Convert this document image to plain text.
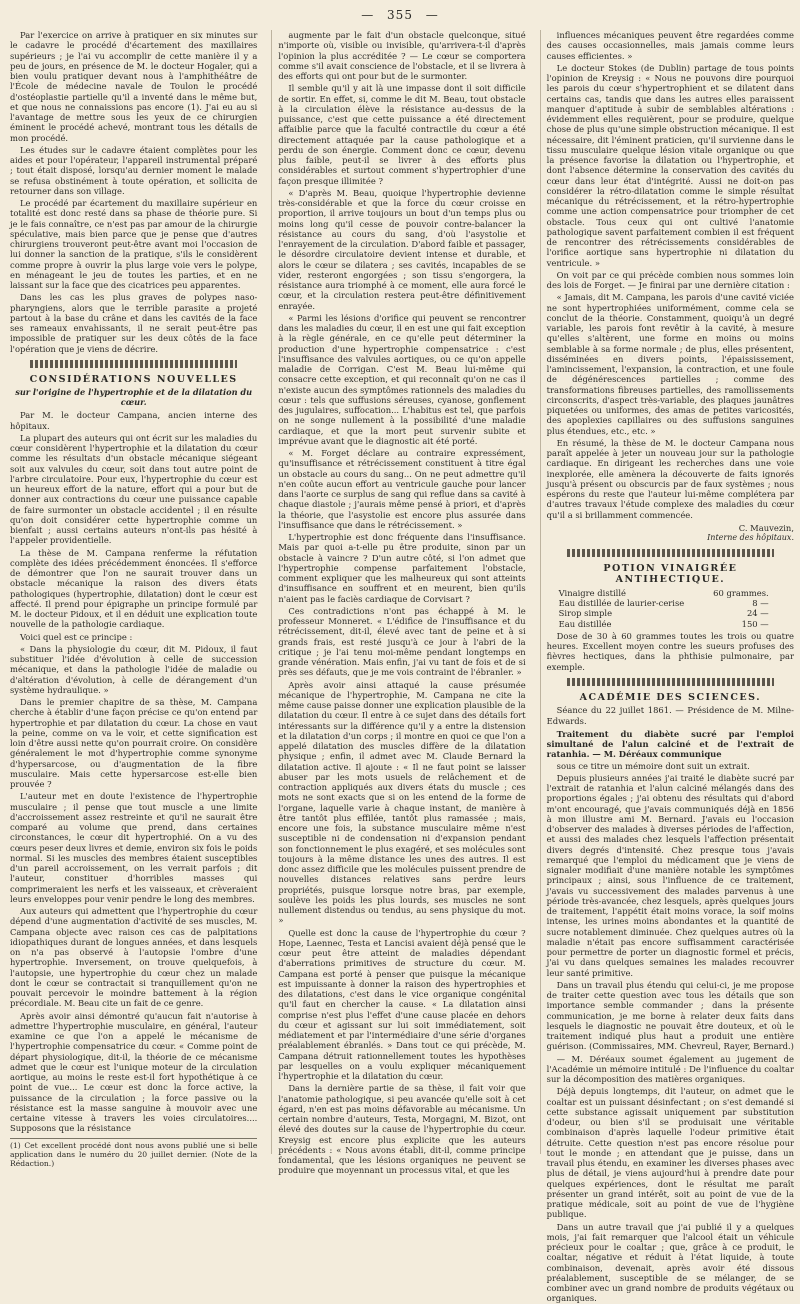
— 355 —

Par l'exercice on arrive à pratiquer en six minutes sur le cadavre le procédé d'écartement des maxillaires supérieurs ; je l'ai vu accomplir de cette manière il y a peu de jours, en présence de M. le docteur Hogaler, qui a bien voulu pratiquer devant nous à l'amphithéâtre de l'École de médecine navale de Toulon le procédé d'ostéoplastie partielle qu'il a inventé dans le même but, et que nous ne connaissions pas encore (1). J'ai eu au si l'avantage de mettre sous les yeux de ce chirurgien éminent le procédé achevé, montrant tous les détails de mon procédé.

Les études sur le cadavre étaient complètes pour les aides et pour l'opérateur, l'appareil instrumental préparé ; tout était disposé, lorsqu'au dernier moment le malade se refusa obstinément à toute opération, et sollicita de retourner dans son village.

Le procédé par écartement du maxillaire supérieur en totalité est donc resté dans sa phase de théorie pure. Si je le fais connaître, ce n'est pas par amour de la chirurgie spéculative, mais bien parce que je pense que d'autres chirurgiens trouveront peut-être avant moi l'occasion de lui donner la sanction de la pratique, s'ils le considèrent comme propre à ouvrir la plus large voie vers le polype, en ménageant le jeu de toutes les parties, et en ne laissant sur la face que des cicatrices peu apparentes.

Dans les cas les plus graves de polypes naso-pharyngiens, alors que le terrible parasite a projeté partout à la base du crâne et dans les cavités de la face ses rameaux envahissants, il ne serait peut-être pas impossible de pratiquer sur les deux côtés de la face l'opération que je viens de décrire.

CONSIDÉRATIONS NOUVELLES
sur l'origine de l'hypertrophie et de la dilatation du cœur.

Par M. le docteur Campana, ancien interne des hôpitaux.

La plupart des auteurs qui ont écrit sur les maladies du cœur considèrent l'hypertrophie et la dilatation du cœur comme les résultats d'un obstacle mécanique siégeant soit aux valvules du cœur, soit dans tout autre point de l'arbre circulatoire. Pour eux, l'hypertrophie du cœur est un heureux effort de la nature, effort qui a pour but de donner aux contractions du cœur une puissance capable de faire surmonter un obstacle accidentel ; il en résulte qu'on doit considérer cette hypertrophie comme un bienfait ; aussi certains auteurs n'ont-ils pas hésité à l'appeler providentielle.

La thèse de M. Campana renferme la réfutation complète des idées précédemment énoncées. Il s'efforce de démontrer que l'on ne saurait trouver dans un obstacle mécanique la raison des divers états pathologiques (hypertrophie, dilatation) dont le cœur est affecté. Il prend pour épigraphe un principe formulé par M. le docteur Pidoux, et il en déduit une explication toute nouvelle de la pathologie cardiaque.

Voici quel est ce principe :

« Dans la physiologie du cœur, dit M. Pidoux, il faut substituer l'idée d'évolution à celle de succession mécanique, et dans la pathologie l'idée de maladie ou d'altération d'évolution, à celle de dérangement d'un système hydraulique. »

Dans le premier chapitre de sa thèse, M. Campana cherche à établir d'une façon précise ce qu'on entend par hypertrophie et par dilatation du cœur. La chose en vaut la peine, comme on va le voir, et cette signification est loin d'être aussi nette qu'on pourrait croire. On considère généralement le mot d'hypertrophie comme synonyme d'hypersarcose, ou d'augmentation de la fibre musculaire. Mais cette hypersarcose est-elle bien prouvée ?

L'auteur met en doute l'existence de l'hypertrophie musculaire ; il pense que tout muscle a une limite d'accroissement assez restreinte et qu'il ne saurait être comparé au volume que prend, dans certaines circonstances, le cœur dit hypertrophié. On a vu des cœurs peser deux livres et demie, environ six fois le poids normal. Si les muscles des membres étaient susceptibles d'un pareil accroissement, on les verrait parfois ; dit l'auteur, constituer d'horribles masses qui comprimeraient les nerfs et les vaisseaux, et crèveraient leurs enveloppes pour venir pendre le long des membres.

Aux auteurs qui admettent que l'hypertrophie du cœur dépend d'une augmentation d'activité de ses muscles, M. Campana objecte avec raison ces cas de palpitations idiopathiques durant de longues années, et dans lesquels on n'a pas observé à l'autopsie l'ombre d'une hypertrophie. Inversement, on trouve quelquefois, à l'autopsie, une hypertrophie du cœur chez un malade dont le cœur se contractait si tranquillement qu'on ne pouvait percevoir le moindre battement à la région précordiale. M. Beau cite un fait de ce genre.

Après avoir ainsi démontré qu'aucun fait n'autorise à admettre l'hypertrophie musculaire, en général, l'auteur examine ce que l'on a appelé le mécanisme de l'hypertrophie compensatrice du cœur. « Comme point de départ physiologique, dit-il, la théorie de ce mécanisme admet que le cœur est l'unique moteur de la circulation aortique, au moins le reste est-il fort hypothétique à ce point de vue... Le cœur est donc la force active, la puissance de la circulation ; la force passive ou la résistance est la masse sanguine à mouvoir avec une certaine vitesse à travers les voies circulatoires.... Supposons que la résistance

(1) Cet excellent procédé dont nous avons publié une si belle application dans le numéro du 20 juillet dernier. (Note de la Rédaction.)

augmente par le fait d'un obstacle quelconque, situé n'importe où, visible ou invisible, qu'arrivera-t-il d'après l'opinion la plus accréditée ? — Le cœur se comportera comme s'il avait conscience de l'obstacle, et il se livrera à des efforts qui ont pour but de le surmonter.

Il semble qu'il y ait là une impasse dont il soit difficile de sortir. En effet, si, comme le dit M. Beau, tout obstacle à la circulation élève la résistance au-dessus de la puissance, c'est que cette puissance a été directement affaiblie parce que la faculté contractile du cœur a été directement attaquée par la cause pathologique et a perdu de son énergie. Comment donc ce cœur, devenu plus faible, peut-il se livrer à des efforts plus considérables et surtout comment s'hypertrophier d'une façon presque illimitée ?

« D'après M. Beau, quoique l'hypertrophie devienne très-considérable et que la force du cœur croisse en proportion, il arrive toujours un bout d'un temps plus ou moins long qu'il cesse de pouvoir contre-balancer la résistance au cours du sang, d'où l'asystolie et l'enrayement de la circulation. D'abord faible et passager, le désordre circulatoire devient intense et durable, et alors le cœur se dilatera ; ses cavités, incapables de se vider, resteront engorgées ; son tissu s'engorgera, la résistance aura triomphé à ce moment, elle aura forcé le cœur, et la circulation restera peut-être définitivement enrayée.

« Parmi les lésions d'orifice qui peuvent se rencontrer dans les maladies du cœur, il en est une qui fait exception à la règle générale, en ce qu'elle peut déterminer la production d'une hypertrophie compensatrice : c'est l'insuffisance des valvules aortiques, ou ce qu'on appelle maladie de Corrigan. C'est M. Beau lui-même qui consacre cette exception, et qui reconnaît qu'on ne cas il n'existe aucun des symptômes rationnels des maladies du cœur : tels que suffusions séreuses, cyanose, gonflement des jugulaires, suffocation... L'habitus est tel, que parfois on ne songe nullement à la possibilité d'une maladie cardiaque, et que la mort peut survenir subite et imprévue avant que le diagnostic ait été porté.

« M. Forget déclare au contraire expressément, qu'insuffisance et rétrécissement constituent à titre égal un obstacle au cours du sang... On ne peut admettre qu'il n'en coûte aucun effort au ventricule gauche pour lancer dans l'aorte ce surplus de sang qui reflue dans sa cavité à chaque diastole ; j'aurais même pensé à priori, et d'après la théorie, que l'asystolie est encore plus assurée dans l'insuffisance que dans le rétrécissement. »

L'hypertrophie est donc fréquente dans l'insuffisance. Mais par quoi a-t-elle pu être produite, sinon par un obstacle à vaincre ? D'un autre côté, si l'on admet que l'hypertrophie compense parfaitement l'obstacle, comment expliquer que les malheureux qui sont atteints d'insuffisance en souffrent et en meurent, bien qu'ils n'aient pas le faciès cardiaque de Corvisart ?

Ces contradictions n'ont pas échappé à M. le professeur Monneret. « L'édifice de l'insuffisance et du rétrécissement, dit-il, élevé avec tant de peine et à si grands frais, est resté jusqu'à ce jour à l'abri de la critique ; je l'ai tenu moi-même pendant longtemps en grande vénération. Mais enfin, j'ai vu tant de fois et de si près ses défauts, que je me vois contraint de l'ébranler. »

Après avoir ainsi attaqué la cause présumée mécanique de l'hypertrophie, M. Campana ne cite la même cause paisse donner une explication plausible de la dilatation du cœur. Il entre à ce sujet dans des détails fort intéressants sur la différence qu'il y a entre la distension et la dilatation d'un corps ; il montre en quoi ce que l'on a appelé dilatation des muscles diffère de la dilatation physique ; enfin, il admet avec M. Claude Bernard la dilatation active. Il ajoute : « Il ne faut point se laisser abuser par les mots usuels de relâchement et de contraction appliqués aux divers états du muscle ; ces mots ne sont exacts que si on les entend de la forme de l'organe, laquelle varie à chaque instant, de manière à être tantôt plus effilée, tantôt plus ramassée ; mais, encore une fois, la substance musculaire même n'est susceptible ni de condensation ni d'expansion pendant son fonctionnement le plus exagéré, et ses molécules sont toujours à la même distance les unes des autres. Il est donc assez difficile que les molécules puissent prendre de nouvelles distances relatives sans perdre leurs propriétés, puisque lorsque notre bras, par exemple, soulève les poids les plus lourds, ses muscles ne sont nullement distendus ou tendus, au sens physique du mot. »

Quelle est donc la cause de l'hypertrophie du cœur ? Hope, Laennec, Testa et Lancisi avaient déjà pensé que le cœur peut être atteint de maladies dépendant d'aberrations primitives de structure du cœur. M. Campana est porté à penser que puisque la mécanique est impuissante à donner la raison des hypertrophies et des dilatations, c'est dans le vice organique congénital qu'il faut en chercher la cause. « La dilatation ainsi comprise n'est plus l'effet d'une cause placée en dehors du cœur et agissant sur lui soit immédiatement, soit médiatement et par l'intermédiaire d'une série d'organes préalablement ébranlés. » Dans tout ce qui précède, M. Campana détruit rationnellement toutes les hypothèses par lesquelles on a voulu expliquer mécaniquement l'hypertrophie et la dilatation du cœur.

Dans la dernière partie de sa thèse, il fait voir que l'anatomie pathologique, si peu avancée qu'elle soit à cet égard, n'en est pas moins défavorable au mécanisme. Un certain nombre d'auteurs, Testa, Morgagni, M. Bizot, ont élevé des doutes sur la cause de l'hypertrophie du cœur. Kreysig est encore plus explicite que les auteurs précédents : « Nous avons établi, dit-il, comme principe fondamental, que les lésions organiques ne peuvent se produire que moyennant un processus vital, et que les

influences mécaniques peuvent être regardées comme des causes occasionnelles, mais jamais comme leurs causes efficientes. »

Le docteur Stokes (de Dublin) partage de tous points l'opinion de Kreysig : « Nous ne pouvons dire pourquoi les parois du cœur s'hypertrophient et se dilatent dans certains cas, tandis que dans les autres elles paraissent manquer d'aptitude à subir de semblables altérations : évidemment elles requièrent, pour se produire, quelque chose de plus qu'une simple obstruction mécanique. Il est nécessaire, dit l'éminent praticien, qu'il survienne dans le tissu musculaire quelque lésion vitale organique ou que la présence favorise la dilatation ou l'hypertrophie, et dont l'absence détermine la conservation des cavités du cœur dans leur état d'intégrité. Aussi ne doit-on pas considérer la rétro-dilatation comme le simple résultat mécanique du rétrécissement, et la rétro-hypertrophie comme une action compensatrice pour triompher de cet obstacle. Tous ceux qui ont cultivé l'anatomie pathologique savent parfaitement combien il est fréquent de rencontrer des rétrécissements considérables de l'orifice aortique sans hypertrophie ni dilatation du ventricule. »

On voit par ce qui précède combien nous sommes loin des lois de Forget. — Je finirai par une dernière citation :

« Jamais, dit M. Campana, les parois d'une cavité viciée ne sont hypertrophiées uniformément, comme cela se conclut de la théorie. Constamment, quoiqu'à un degré variable, les parois font revêtir à la cavité, à mesure qu'elles s'altèrent, une forme en moins ou moins semblable à sa forme normale ; de plus, elles présentent, disséminées en divers points, l'épaississement, l'amincissement, l'expansion, la contraction, et une foule de dégénérescences partielles ; comme des transformations fibreuses partielles, des ramollissements circonscrits, d'aspect très-variable, des plaques jaunâtres piquetées ou uniformes, des amas de petites varicosités, des apoplexies capillaires ou des suffusions sanguines plus étendues, etc., etc. »

En résumé, la thèse de M. le docteur Campana nous paraît appelée à jeter un nouveau jour sur la pathologie cardiaque. En dirigeant les recherches dans une voie inexplorée, elle amènera la découverte de faits ignorés jusqu'à présent ou obscurcis par de faux systèmes ; nous espérons du reste que l'auteur lui-même complétera par d'autres travaux l'étude complexe des maladies du cœur qu'il a si brillamment commencée.

C. Mauvezin,
Interne des hôpitaux.
POTION VINAIGRÉE ANTIHECTIQUE.
Vinaigre distillé	60 grammes.
Eau distillée de laurier-cerise	8 —
Sirop simple	24 —
Eau distillée	150 —

Dose de 30 à 60 grammes toutes les trois ou quatre heures. Excellent moyen contre les sueurs profuses des fièvres hectiques, dans la phthisie pulmonaire, par exemple.

ACADÉMIE DES SCIENCES.
Séance du 22 juillet 1861. — Présidence de M. Milne-Edwards.
Traitement du diabète sucré par l'emploi simultané de l'alun calciné et de l'extrait de ratanhia. — M. Déréaux communique

sous ce titre un mémoire dont suit un extrait.

Depuis plusieurs années j'ai traité le diabète sucré par l'extrait de ratanhia et l'alun calciné mélangés dans des proportions égales ; j'ai obtenu des résultats qui d'abord m'ont encouragé, que j'avais communiqués déjà en 1856 à mon illustre ami M. Bernard. J'avais eu l'occasion d'observer des malades à diverses périodes de l'affection, et aussi des malades chez lesquels l'affection présentait divers degrés d'intensité. Chez presque tous j'avais remarqué que l'emploi du médicament que je viens de signaler modifiait d'une manière notable les symptômes principaux ; ainsi, sous l'influence de ce traitement, j'avais vu successivement des malades parvenus à une période très-avancée, chez lesquels, après quelques jours de traitement, l'appétit était moins vorace, la soif moins intense, les urines moins abondantes et la quantité de sucre notablement diminuée. Chez quelques autres où la maladie n'était pas encore suffisamment caractérisée pour permettre de porter un diagnostic formel et précis, j'ai vu dans quelques semaines les malades recouvrer leur santé primitive.

Dans un travail plus étendu qui celui-ci, je me propose de traiter cette question avec tous les détails que son importance semble commander ; dans la présente communication, je me borne à relater deux faits dans lesquels le diagnostic ne pouvait être douteux, et où le traitement indiqué plus haut a produit une entière guérison. (Commissaires, MM. Chevreul, Rayer, Bernard.)

— M. Déréaux soumet également au jugement de l'Académie un mémoire intitulé : De l'influence du coaltar sur la décomposition des matières organiques.

Déjà depuis longtemps, dit l'auteur, on admet que le coaltar est un puissant désinfectant ; on s'est demandé si cette substance agissait uniquement par substitution d'odeur, ou bien s'il se produisait une véritable combinaison d'après laquelle l'odeur primitive était détruite. Cette question n'est pas encore résolue pour tout le monde ; en attendant que je puisse, dans un travail plus étendu, en examiner les diverses phases avec plus de détail, je viens aujourd'hui à prendre date pour quelques expériences, dont le résultat me paraît présenter un grand intérêt, soit au point de vue de la pratique médicale, soit au point de vue de l'hygiène publique.

Dans un autre travail que j'ai publié il y a quelques mois, j'ai fait remarquer que l'alcool était un véhicule précieux pour le coaltar ; que, grâce à ce produit, le coaltar, négative et réduit à l'état liquide, à toute combinaison, devenait, après avoir été dissous préalablement, susceptible de se mélanger, de se combiner avec un grand nombre de produits végétaux ou organiques.
